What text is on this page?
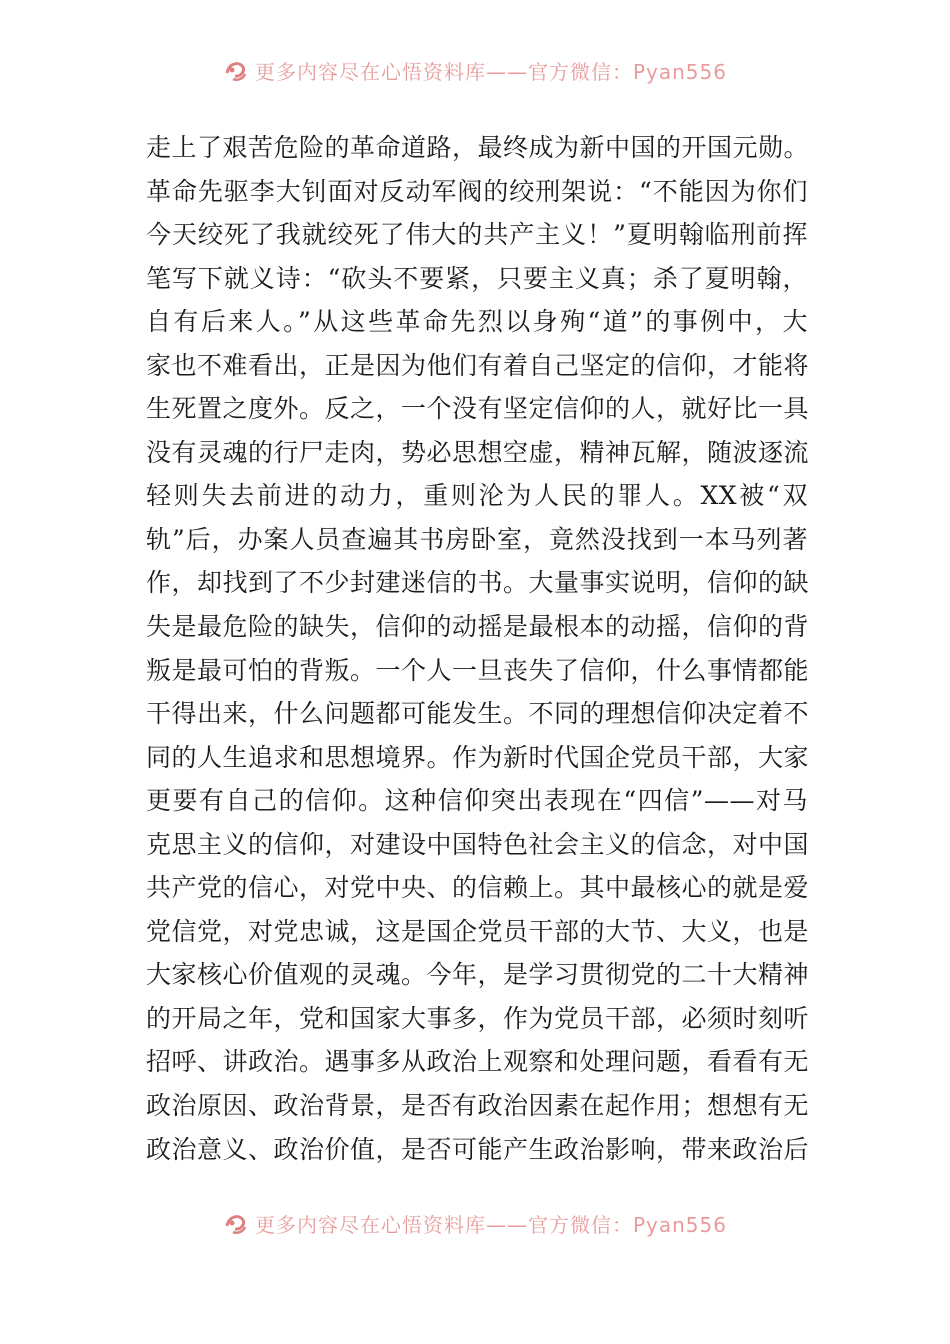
更多内容尽在心悟资料库——官方微信：Pyan556
走上了艰苦危险的革命道路，最终成为新中国的开国元勋。
革命先驱李大钊面对反动军阀的绞刑架说：“不能因为你们
今天绞死了我就绞死了伟大的共产主义！”夏明翰临刑前挥
笔写下就义诗：“砍头不要紧，只要主义真；杀了夏明翰，
自有后来人。”从这些革命先烈以身殉“道”的事例中，大
家也不难看出，正是因为他们有着自己坚定的信仰，才能将
生死置之度外。反之，一个没有坚定信仰的人，就好比一具
没有灵魂的行尸走肉，势必思想空虚，精神瓦解，随波逐流
轻则失去前进的动力，重则沦为人民的罪人。XX被“双
轨”后，办案人员查遍其书房卧室，竟然没找到一本马列著
作，却找到了不少封建迷信的书。大量事实说明，信仰的缺
失是最危险的缺失，信仰的动摇是最根本的动摇，信仰的背
叛是最可怕的背叛。一个人一旦丧失了信仰，什么事情都能
干得出来，什么问题都可能发生。不同的理想信仰决定着不
同的人生追求和思想境界。作为新时代国企党员干部，大家
更要有自己的信仰。这种信仰突出表现在“四信”——对马
克思主义的信仰，对建设中国特色社会主义的信念，对中国
共产党的信心，对党中央、的信赖上。其中最核心的就是爱
党信党，对党忠诚，这是国企党员干部的大节、大义，也是
大家核心价值观的灵魂。今年，是学习贯彻党的二十大精神
的开局之年，党和国家大事多，作为党员干部，必须时刻听
招呼、讲政治。遇事多从政治上观察和处理问题，看看有无
政治原因、政治背景，是否有政治因素在起作用；想想有无
政治意义、政治价值，是否可能产生政治影响，带来政治后
更多内容尽在心悟资料库——官方微信：Pyan556
